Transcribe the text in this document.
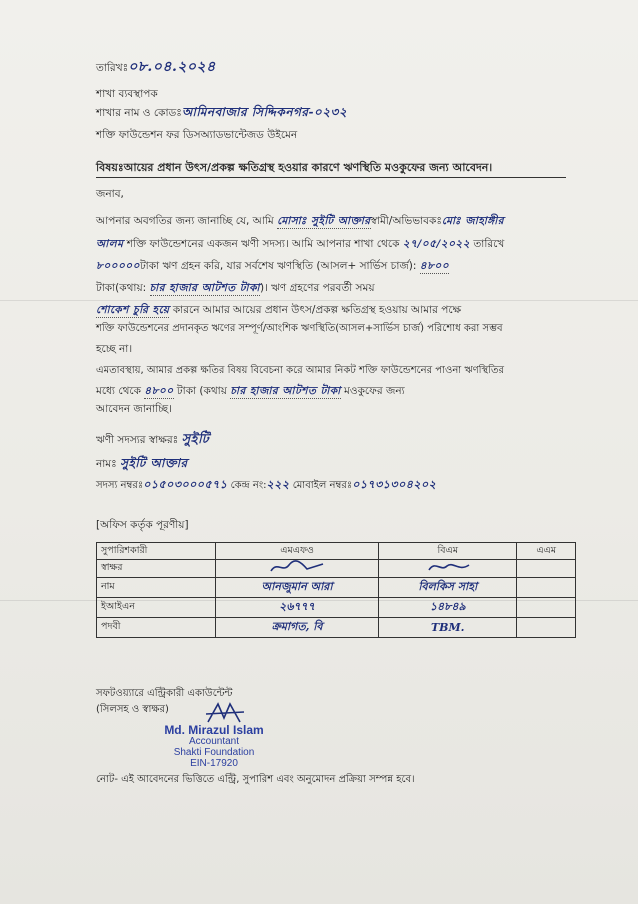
তারিখঃ০৮.০৪.২০২৪
শাখা ব্যবস্থাপক
শাখার নাম ও কোডঃআমিনবাজার সিদ্দিকনগর-০২৩২
শক্তি ফাউন্ডেশন ফর ডিসঅ্যাডভান্টেজড উইমেন
বিষয়ঃআয়ের প্রধান উৎস/প্রকল্প ক্ষতিগ্রস্থ হওয়ার কারণে ঋণস্থিতি মওকুফের জন্য আবেদন।
জনাব,
আপনার অবগতির জন্য জানাচ্ছি যে, আমি মোসাঃ সুইটি আক্তারস্বামী/অভিভাবকঃমোঃ জাহাঙ্গীর
আলম শক্তি ফাউন্ডেশনের একজন ঋণী সদস্য। আমি আপনার শাখা থেকে ২৭/০৫/২০২২ তারিখে
৮০০০০০টাকা ঋণ গ্রহন করি, যার সর্বশেষ ঋণস্থিতি (আসল+ সার্ভিস চার্জ): ৪৮০০
টাকা(কথায়: চার হাজার আটশত টাকা)। ঋণ গ্রহণের পরবর্তী সময়
শোকেশ চুরি হয়ে কারনে আমার আয়ের প্রধান উৎস/প্রকল্প ক্ষতিগ্রস্থ হওয়ায় আমার পক্ষে
শক্তি ফাউন্ডেশনের প্রদানকৃত ঋণের সম্পূর্ণ/আংশিক ঋণস্থিতি(আসল+সার্ভিস চার্জ) পরিশোধ করা সম্ভব
হচ্ছে না।
এমতাবস্থায়, আমার প্রকল্প ক্ষতির বিষয় বিবেচনা করে আমার নিকট শক্তি ফাউন্ডেশনের পাওনা ঋণস্থিতির
মধ্যে থেকে ৪৮০০ টাকা (কথায় চার হাজার আটশত টাকা মওকুফের জন্য
আবেদন জানাচ্ছি।
ঋণী সদস্যর স্বাক্ষরঃ সুইটি
নামঃ সুইটি আক্তার
সদস্য নম্বরঃ০১৫০৩০০০৫৭১ কেন্দ্র নং:২২২ মোবাইল নম্বরঃ০১৭৩১৩০৪২০২
[অফিস কর্তৃক পূরণীয়]
সুপারিশকারী	এমএফও	বিএম	এএম
স্বাক্ষর			
নাম	আনজুমান আরা	বিলকিস সাহা	
ইআইএন	২৬৭৭৭	১৪৮৪৯	
পদবী	ক্রমাগত, বি	TBM.	
সফটওয়্যারে এন্ট্রিকারী একাউন্টেন্ট
(সিলসহ ও স্বাক্ষর)
Md. Mirazul Islam
Accountant
Shakti Foundation
EIN-17920
নোট- এই আবেদনের ভিত্তিতে এন্ট্রি, সুপারিশ এবং অনুমোদন প্রক্রিয়া সম্পন্ন হবে।
